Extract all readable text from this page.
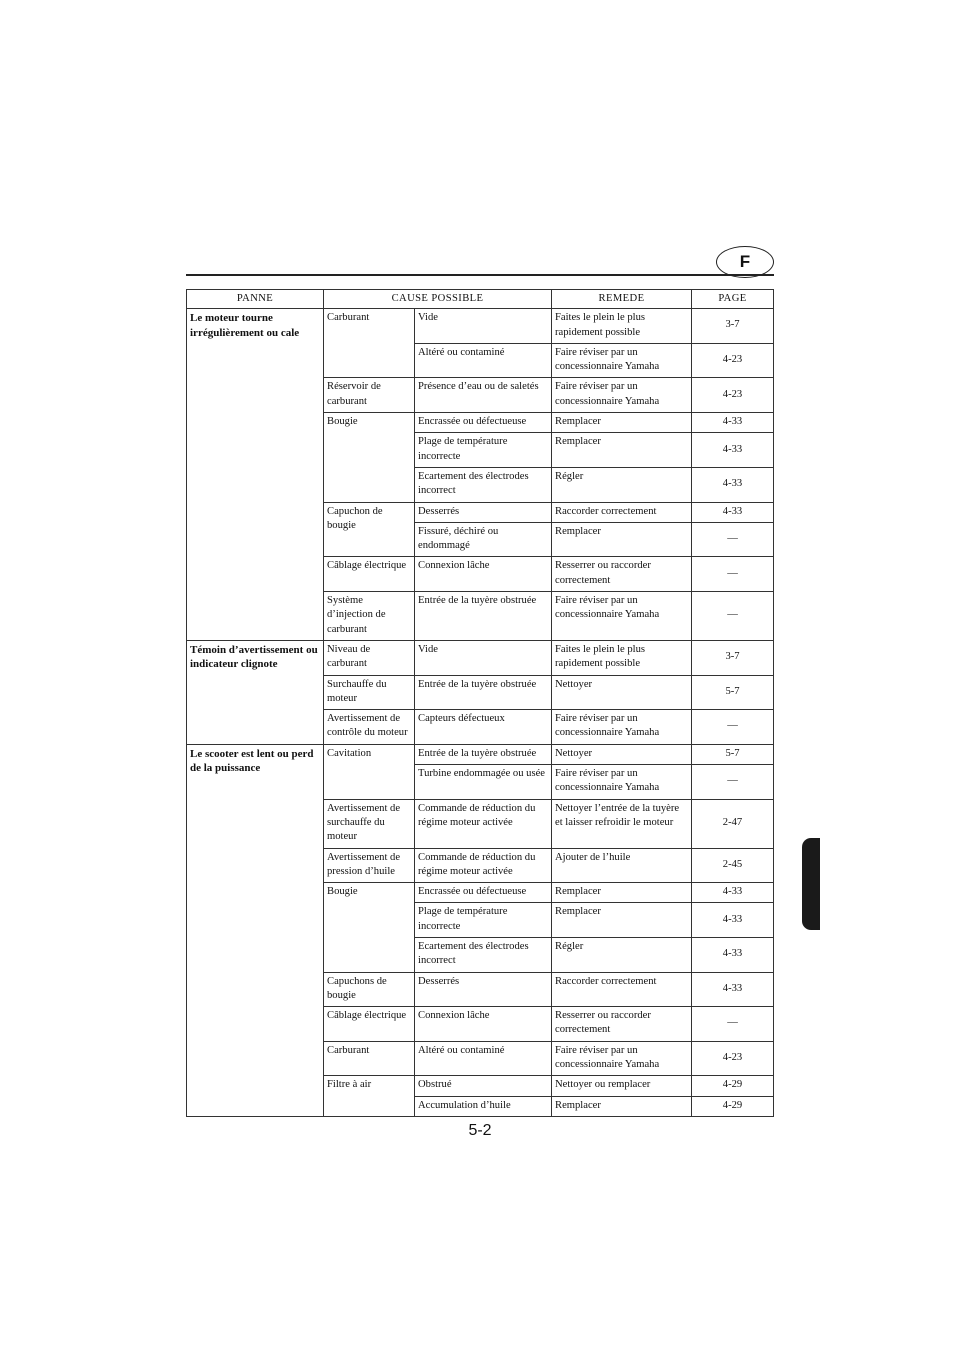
F
PANNE	CAUSE POSSIBLE		REMEDE	PAGE
Le moteur tourne irrégulièrement ou cale	Carburant	Vide	Faites le plein le plus rapidement possible	3-7
		Altéré ou contaminé	Faire réviser par un concessionnaire Yamaha	4-23
	Réservoir de carburant	Présence d’eau ou de saletés	Faire réviser par un concessionnaire Yamaha	4-23
	Bougie	Encrassée ou défectueuse	Remplacer	4-33
		Plage de température incorrecte	Remplacer	4-33
		Ecartement des électrodes incorrect	Régler	4-33
	Capuchon de bougie	Desserrés	Raccorder correctement	4-33
		Fissuré, déchiré ou endommagé	Remplacer	—
	Câblage électrique	Connexion lâche	Resserrer ou raccorder correctement	—
	Système d’injection de carburant	Entrée de la tuyère obstruée	Faire réviser par un concessionnaire Yamaha	—
Témoin d’avertissement ou indicateur clignote	Niveau de carburant	Vide	Faites le plein le plus rapidement possible	3-7
	Surchauffe du moteur	Entrée de la tuyère obstruée	Nettoyer	5-7
	Avertissement de contrôle du moteur	Capteurs défectueux	Faire réviser par un concessionnaire Yamaha	—
Le scooter est lent ou perd de la puissance	Cavitation	Entrée de la tuyère obstruée	Nettoyer	5-7
		Turbine endommagée ou usée	Faire réviser par un concessionnaire Yamaha	—
	Avertissement de surchauffe du moteur	Commande de réduction du régime moteur activée	Nettoyer l’entrée de la tuyère et laisser refroidir le moteur	2-47
	Avertissement de pression d’huile	Commande de réduction du régime moteur activée	Ajouter de l’huile	2-45
	Bougie	Encrassée ou défectueuse	Remplacer	4-33
		Plage de température incorrecte	Remplacer	4-33
		Ecartement des électrodes incorrect	Régler	4-33
	Capuchons de bougie	Desserrés	Raccorder correctement	4-33
	Câblage électrique	Connexion lâche	Resserrer ou raccorder correctement	—
	Carburant	Altéré ou contaminé	Faire réviser par un concessionnaire Yamaha	4-23
	Filtre à air	Obstrué	Nettoyer ou remplacer	4-29
		Accumulation d’huile	Remplacer	4-29
5-2
